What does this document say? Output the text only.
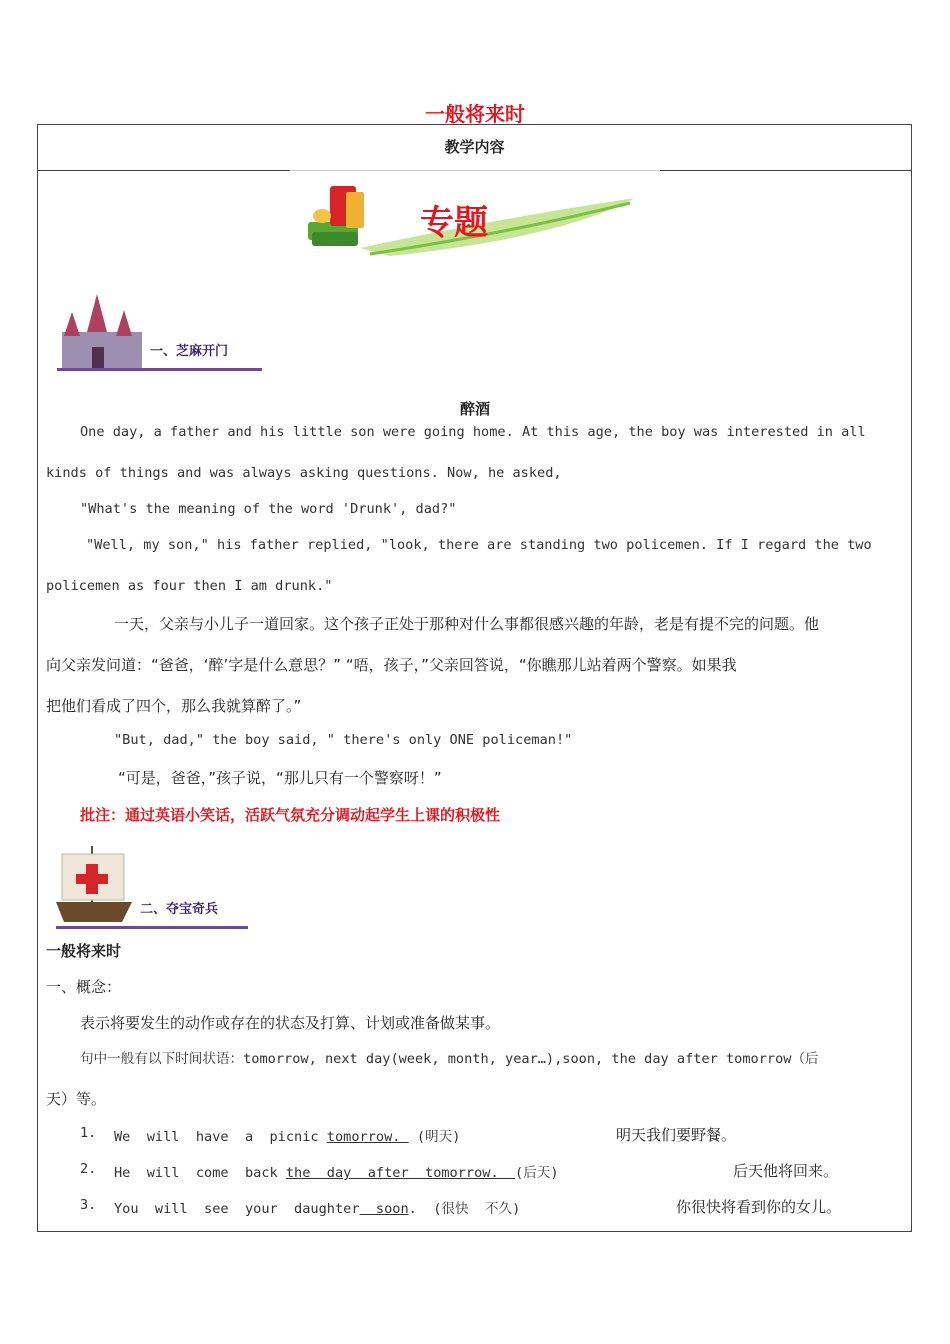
一般将来时
教学内容
专题
一、芝麻开门
醉酒
One day, a father and his little son were going home. At this age, the boy was interested in all
kinds of things and was always asking questions. Now, he asked,
"What's the meaning of the word 'Drunk', dad?"
"Well, my son," his father replied, "look, there are standing two policemen. If I regard the two
policemen as four then I am drunk."
一天，父亲与小儿子一道回家。这个孩子正处于那种对什么事都很感兴趣的年龄，老是有提不完的问题。他
向父亲发问道：“爸爸，‘醉’字是什么意思？” “唔，孩子，”父亲回答说，“你瞧那儿站着两个警察。如果我
把他们看成了四个，那么我就算醉了。”
"But, dad," the boy said, " there's only ONE policeman!"
“可是，爸爸，”孩子说，“那儿只有一个警察呀！”
批注：通过英语小笑话，活跃气氛充分调动起学生上课的积极性
二、夺宝奇兵
一般将来时
一、概念：
表示将要发生的动作或存在的状态及打算、计划或准备做某事。
句中一般有以下时间状语：tomorrow, next day(week, month, year…),soon, the day after tomorrow（后
天）等。
1. We  will  have  a  picnic tomorrow.  (明天)	明天我们要野餐。
2. He  will  come  back the  day  after  tomorrow.  (后天)	后天他将回来。
3. You  will  see  your  daughter  soon.  (很快  不久)	你很快将看到你的女儿。
